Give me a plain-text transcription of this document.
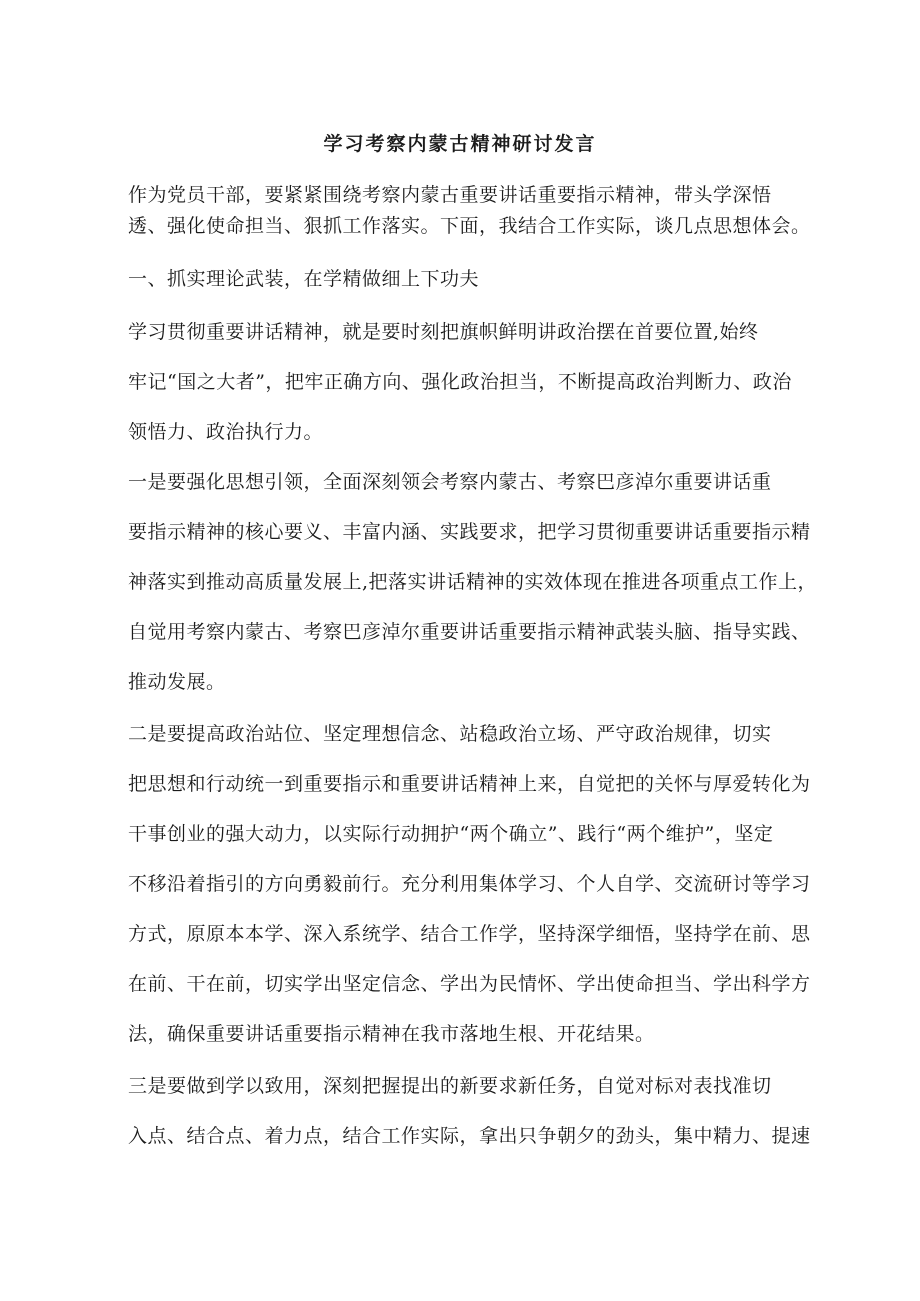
学习考察内蒙古精神研讨发言

作为党员干部，要紧紧围绕考察内蒙古重要讲话重要指示精神，带头学深悟
透、强化使命担当、狠抓工作落实。下面，我结合工作实际，谈几点思想体会。

一、抓实理论武装，在学精做细上下功夫

学习贯彻重要讲话精神，就是要时刻把旗帜鲜明讲政治摆在首要位置,始终
牢记“国之大者”，把牢正确方向、强化政治担当，不断提高政治判断力、政治
领悟力、政治执行力。

一是要强化思想引领，全面深刻领会考察内蒙古、考察巴彦淖尔重要讲话重
要指示精神的核心要义、丰富内涵、实践要求，把学习贯彻重要讲话重要指示精
神落实到推动高质量发展上,把落实讲话精神的实效体现在推进各项重点工作上，
自觉用考察内蒙古、考察巴彦淖尔重要讲话重要指示精神武装头脑、指导实践、
推动发展。

二是要提高政治站位、坚定理想信念、站稳政治立场、严守政治规律，切实
把思想和行动统一到重要指示和重要讲话精神上来，自觉把的关怀与厚爱转化为
干事创业的强大动力，以实际行动拥护“两个确立”、践行“两个维护”，坚定
不移沿着指引的方向勇毅前行。充分利用集体学习、个人自学、交流研讨等学习
方式，原原本本学、深入系统学、结合工作学，坚持深学细悟，坚持学在前、思
在前、干在前，切实学出坚定信念、学出为民情怀、学出使命担当、学出科学方
法，确保重要讲话重要指示精神在我市落地生根、开花结果。

三是要做到学以致用，深刻把握提出的新要求新任务，自觉对标对表找准切
入点、结合点、着力点，结合工作实际，拿出只争朝夕的劲头，集中精力、提速
